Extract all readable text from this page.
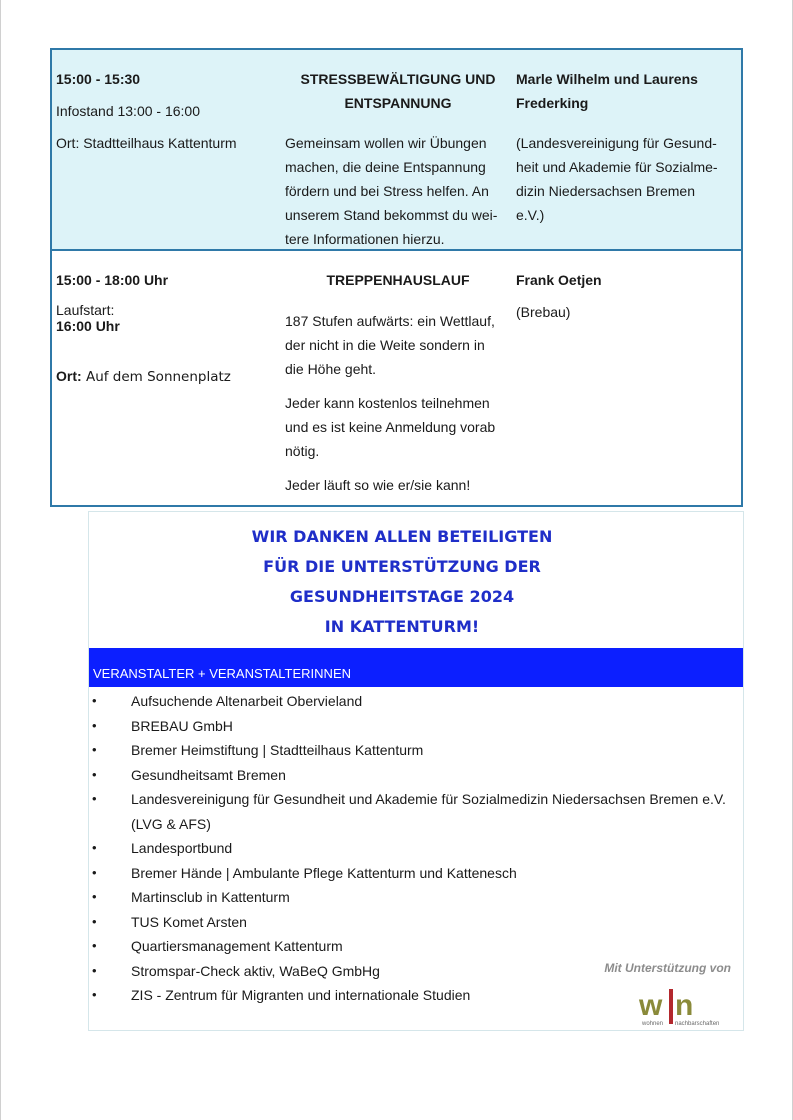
15:00 - 15:30
Infostand 13:00 - 16:00
Ort: Stadtteilhaus Kattenturm
STRESSBEWÄLTIGUNG UND
ENTSPANNUNG
Gemeinsam wollen wir Übungen
machen, die deine Entspannung
fördern und bei Stress helfen. An
unserem Stand bekommst du wei-
tere Informationen hierzu.
Marle Wilhelm und Laurens
Frederking
(Landesvereinigung für Gesund-
heit und Akademie für Sozialme-
dizin Niedersachsen Bremen
e.V.)
15:00 - 18:00 Uhr
Laufstart:
16:00 Uhr
Ort: Auf dem Sonnenplatz
TREPPENHAUSLAUF
187 Stufen aufwärts: ein Wettlauf,
der nicht in die Weite sondern in
die Höhe geht.
Jeder kann kostenlos teilnehmen
und es ist keine Anmeldung vorab
nötig.
Jeder läuft so wie er/sie kann!
Frank Oetjen
(Brebau)
WIR DANKEN ALLEN BETEILIGTEN
FÜR DIE UNTERSTÜTZUNG DER
GESUNDHEITSTAGE 2024
IN KATTENTURM!
VERANSTALTER + VERANSTALTERINNEN
• Aufsuchende Altenarbeit Obervieland
• BREBAU GmbH
• Bremer Heimstiftung | Stadtteilhaus Kattenturm
• Gesundheitsamt Bremen
• Landesvereinigung für Gesundheit und Akademie für Sozialmedizin Niedersachsen Bremen e.V. (LVG & AFS)
• Landesportbund
• Bremer Hände | Ambulante Pflege Kattenturm und Kattenesch
• Martinsclub in Kattenturm
• TUS Komet Arsten
• Quartiersmanagement Kattenturm
• Stromspar-Check aktiv, WaBeQ GmbHg
• ZIS - Zentrum für Migranten und internationale Studien
Mit Unterstützung von
w n
wohnen nachbarschaften
